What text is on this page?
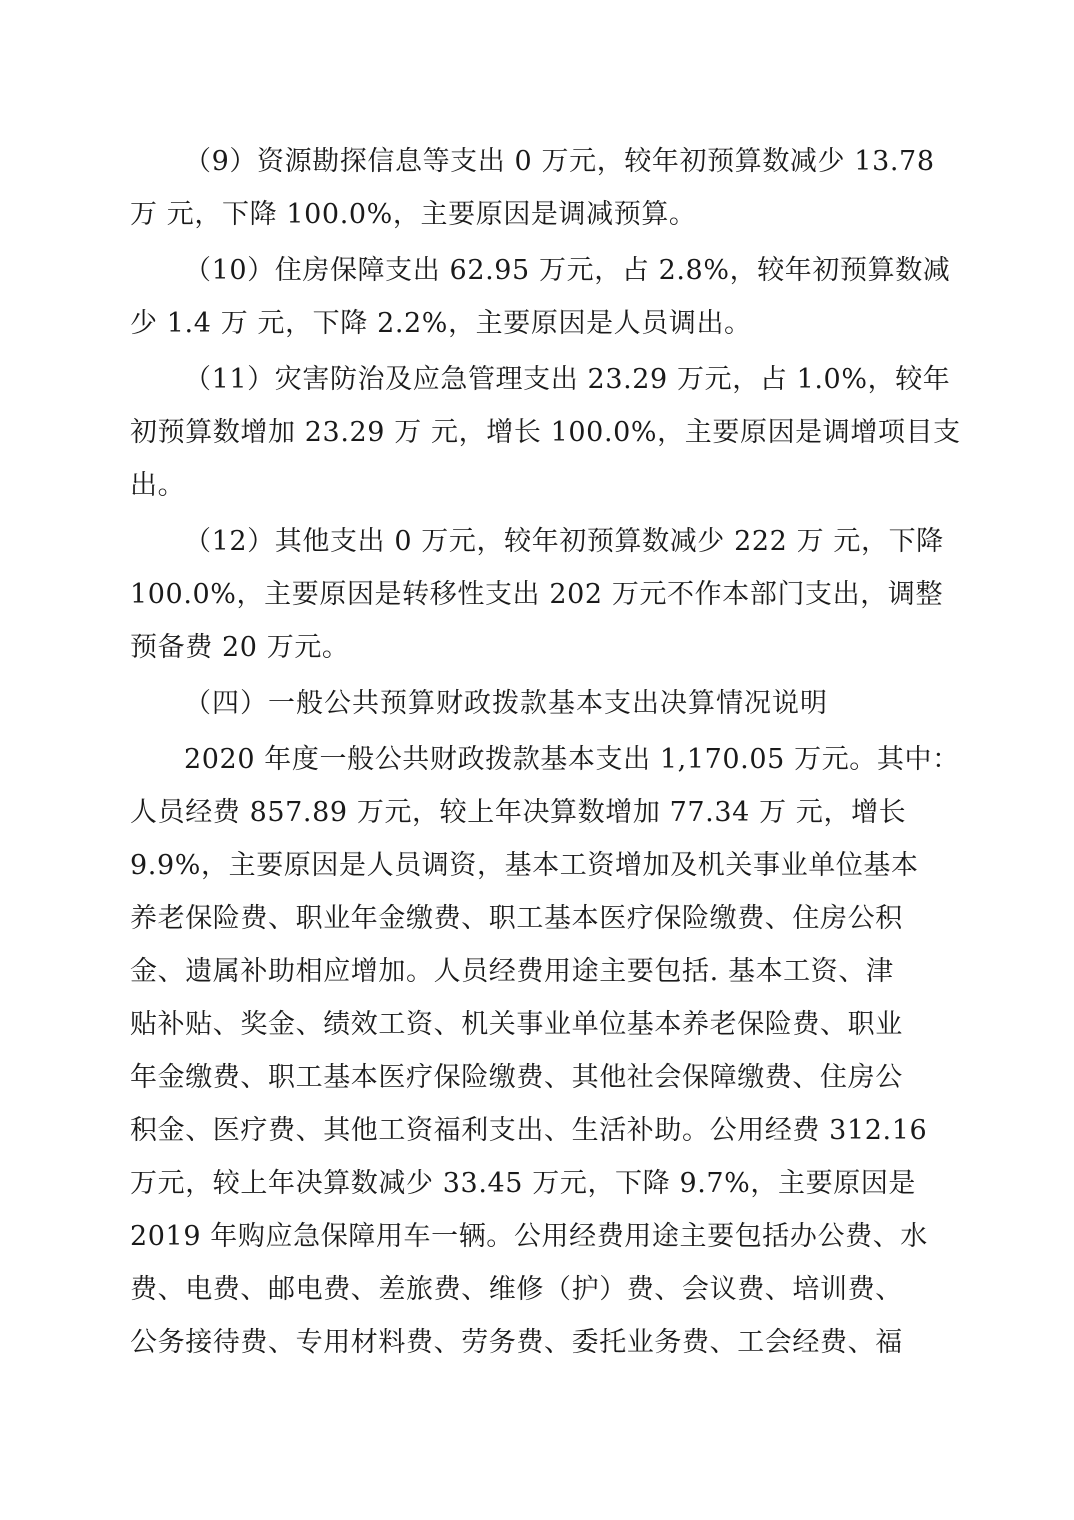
（9）资源勘探信息等支出 0 万元，较年初预算数减少 13.78
万 元，下降 100.0%，主要原因是调减预算。
（10）住房保障支出 62.95 万元，占 2.8%，较年初预算数减
少 1.4 万 元，下降 2.2%，主要原因是人员调出。
（11）灾害防治及应急管理支出 23.29 万元，占 1.0%，较年
初预算数增加 23.29 万 元，增长 100.0%，主要原因是调增项目支
出。
（12）其他支出 0 万元，较年初预算数减少 222 万 元，下降
100.0%，主要原因是转移性支出 202 万元不作本部门支出，调整
预备费 20 万元。
（四）一般公共预算财政拨款基本支出决算情况说明
2020 年度一般公共财政拨款基本支出 1,170.05 万元。其中：
人员经费 857.89 万元，较上年决算数增加 77.34 万 元，增长
9.9%，主要原因是人员调资，基本工资增加及机关事业单位基本
养老保险费、职业年金缴费、职工基本医疗保险缴费、住房公积
金、遗属补助相应增加。人员经费用途主要包括. 基本工资、津
贴补贴、奖金、绩效工资、机关事业单位基本养老保险费、职业
年金缴费、职工基本医疗保险缴费、其他社会保障缴费、住房公
积金、医疗费、其他工资福利支出、生活补助。公用经费 312.16
万元，较上年决算数减少 33.45 万元，下降 9.7%，主要原因是
2019 年购应急保障用车一辆。公用经费用途主要包括办公费、水
费、电费、邮电费、差旅费、维修（护）费、会议费、培训费、
公务接待费、专用材料费、劳务费、委托业务费、工会经费、福
